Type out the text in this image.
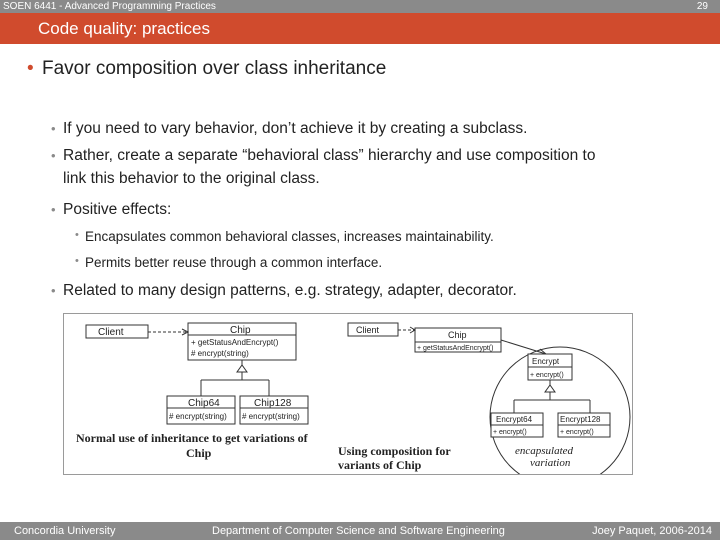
SOEN 6441 - Advanced Programming Practices	29
Code quality: practices
• Favor composition over class inheritance
• If you need to vary behavior, don’t achieve it by creating a subclass.
• Rather, create a separate “behavioral class” hierarchy and use composition to
link this behavior to the original class.
• Positive effects:
• Encapsulates common behavioral classes, increases maintainability.
• Permits better reuse through a common interface.
• Related to many design patterns, e.g. strategy, adapter, decorator.
Client	Chip
+ getStatusAndEncrypt()
# encrypt(string)
Chip64
# encrypt(string)
Chip128
# encrypt(string)
Normal use of inheritance to get variations of
Chip
Client	Chip
+ getStatusAndEncrypt()
Encrypt
+ encrypt()
Encrypt64
+ encrypt()
Encrypt128
+ encrypt()
encapsulated
variation
Using composition for
variants of Chip
Concordia University	Department of Computer Science and Software Engineering	Joey Paquet, 2006-2014
